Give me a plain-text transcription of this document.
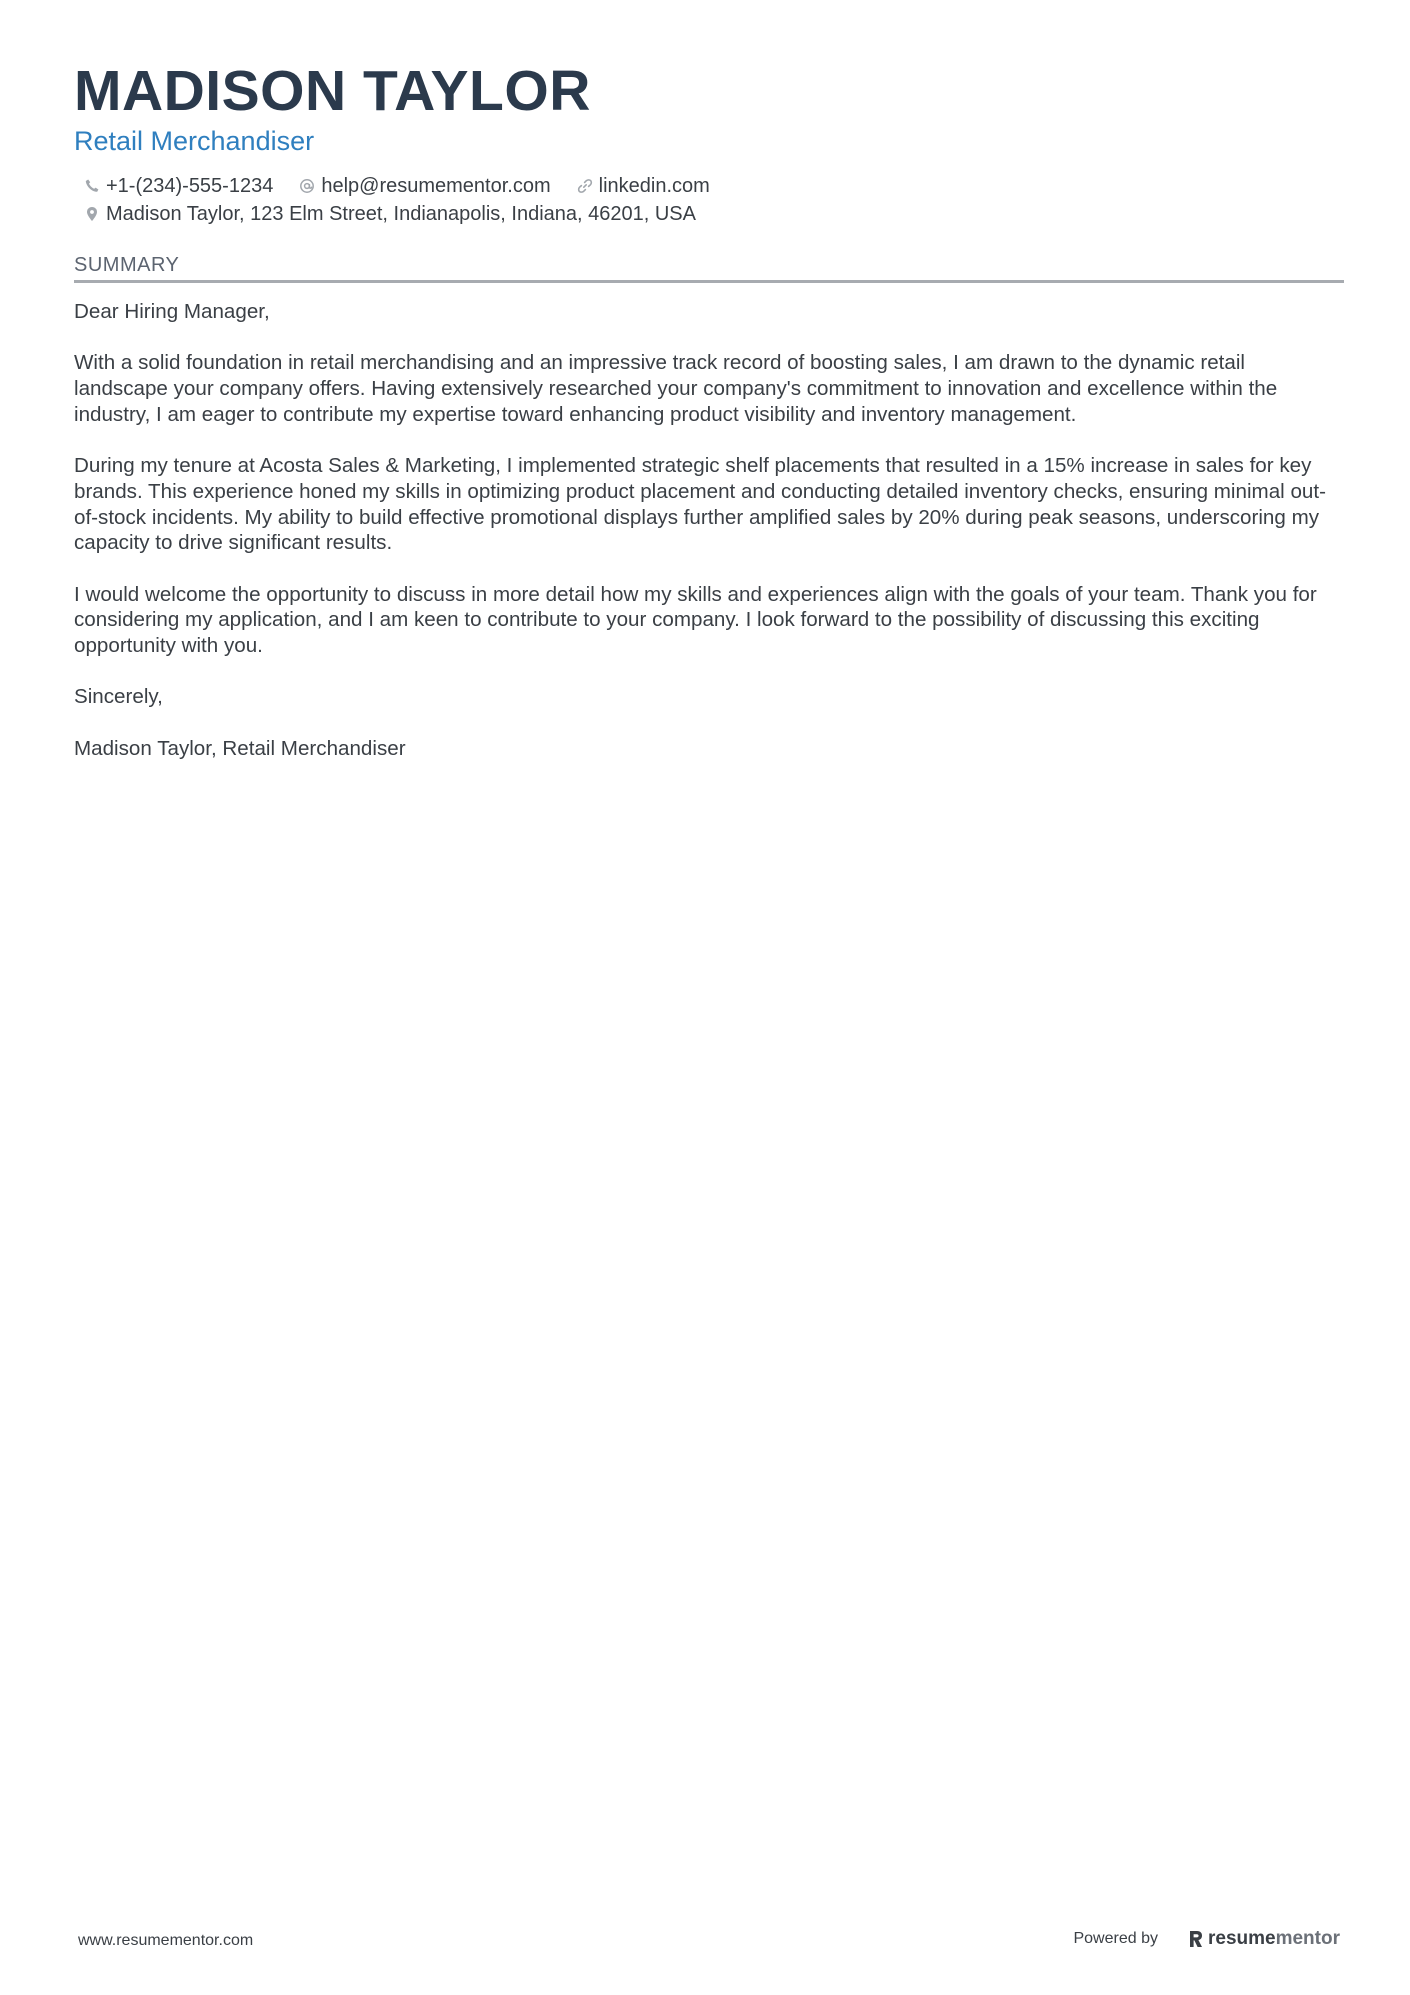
MADISON TAYLOR
Retail Merchandiser
+1-(234)-555-1234 help@resumementor.com linkedin.com
Madison Taylor, 123 Elm Street, Indianapolis, Indiana, 46201, USA
SUMMARY

Dear Hiring Manager,

With a solid foundation in retail merchandising and an impressive track record of boosting sales, I am drawn to the dynamic retail landscape your company offers. Having extensively researched your company's commitment to innovation and excellence within the industry, I am eager to contribute my expertise toward enhancing product visibility and inventory management.

During my tenure at Acosta Sales & Marketing, I implemented strategic shelf placements that resulted in a 15% increase in sales for key brands. This experience honed my skills in optimizing product placement and conducting detailed inventory checks, ensuring minimal out-of-stock incidents. My ability to build effective promotional displays further amplified sales by 20% during peak seasons, underscoring my capacity to drive significant results.

I would welcome the opportunity to discuss in more detail how my skills and experiences align with the goals of your team. Thank you for considering my application, and I am keen to contribute to your company. I look forward to the possibility of discussing this exciting opportunity with you.

Sincerely,

Madison Taylor, Retail Merchandiser

www.resumementor.com	Powered by	resume mentor
